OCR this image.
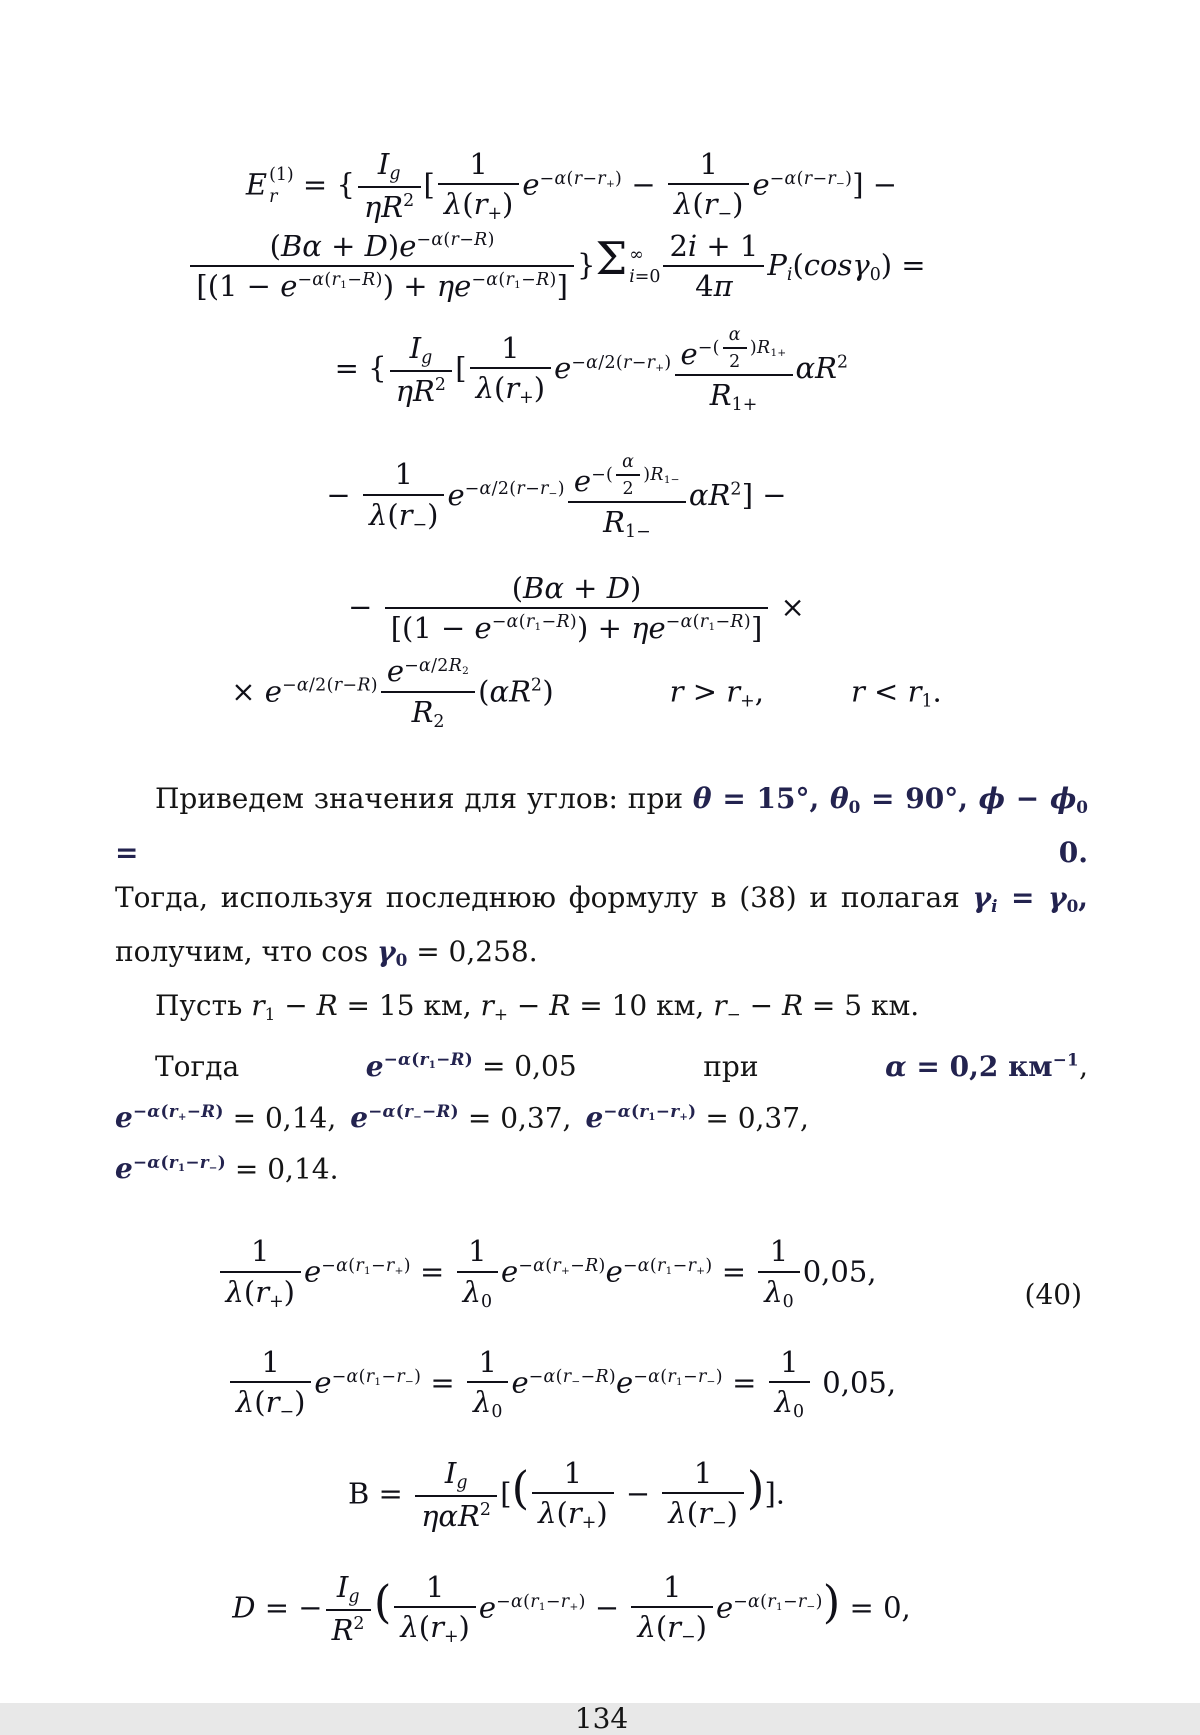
E (1)
r = { $\frac{I_g}{\eta R^2}$ [ $\frac{1}{\lambda(r_+)} e^{-\alpha(r-r_+)} - \frac{1}{\lambda(r_-)} e^{-\alpha(r-r_-)}$] −
$\frac{(B\alpha + D)e^{-\alpha(r-R)}}{[(1 - e^{-\alpha(r_1-R)}) + \eta e^{-\alpha(r_1-R)}]} \}\Sigma$ ∞
$i=0 \frac{2i + 1}{4\pi} P_i(\cos\gamma_0)$ =
= { $\frac{I_g}{\eta R^2}$ [ $\frac{1}{\lambda(r_+)} e^{-\alpha/2(r-r_+)}$ $e^{-( \frac{\alpha}{2} )R_{1+}}$
$R_{1+}$ $\alpha R^2$
− $\frac{1}{\lambda(r_-)} e^{-\alpha/2(r-r_-)}$ $e^{-( \frac{\alpha}{2} )R_{1-}}$
$R_{1-}$ $\alpha R^2$] −
− $\frac{(B\alpha + D)}{[(1 - e^{-\alpha(r_1-R)}) + \eta e^{-\alpha(r_1-R)}]}$ ×
× $e^{-\alpha/2(r-R)} \frac{e^{-\alpha/2R_2}}{R_2} (\alpha R^2)$    $r > r_+$,   $r < r_1$.
Приведем значения для углов: при θ = 15°, $\theta_0 = 90^\circ$, $\phi - \phi_0 = 0$.
Тогда, используя последнюю формулу в (38) и полагая $\gamma_i = \gamma_0$,
получим, что $\cos \gamma_0 = 0,258$.
Пусть $r_1 - R = 15$ км, $r_+ - R = 10$ км, $r_- - R = 5$ км.
Тогда	$e^{-\alpha(r_1-R)} = 0,05$	при	α = 0,2 $км^{-1}$,
$e^{-\alpha(r_+-R)} = 0,14$, $e^{-\alpha(r_--R)} = 0,37$, $e^{-\alpha(r_1-r_+)} = 0,37$,
$e^{-\alpha(r_1-r_-)} = 0,14$.
$\frac{1}{\lambda(r_+)} e^{-\alpha(r_1-r_+)} = \frac{1}{\lambda_0} e^{-\alpha(r_+-R)}e^{-\alpha(r_1-r_+)} = \frac{1}{\lambda_0} 0,05$,
$\frac{1}{\lambda(r_-)} e^{-\alpha(r_1-r_-)} = \frac{1}{\lambda_0} e^{-\alpha(r_--R)}e^{-\alpha(r_1-r_-)} = \frac{1}{\lambda_0} 0,05$,
$B = \frac{I_g}{\eta\alpha R^2}$ [( $\frac{1}{\lambda(r_+)} - \frac{1}{\lambda(r_-)}$ )].
D = − $\frac{I_g}{R^2}$ ( $\frac{1}{\lambda(r_+)} e^{-\alpha(r_1-r_+)} - \frac{1}{\lambda(r_-)} e^{-\alpha(r_1-r_-)}) = 0$,
134
(40)
